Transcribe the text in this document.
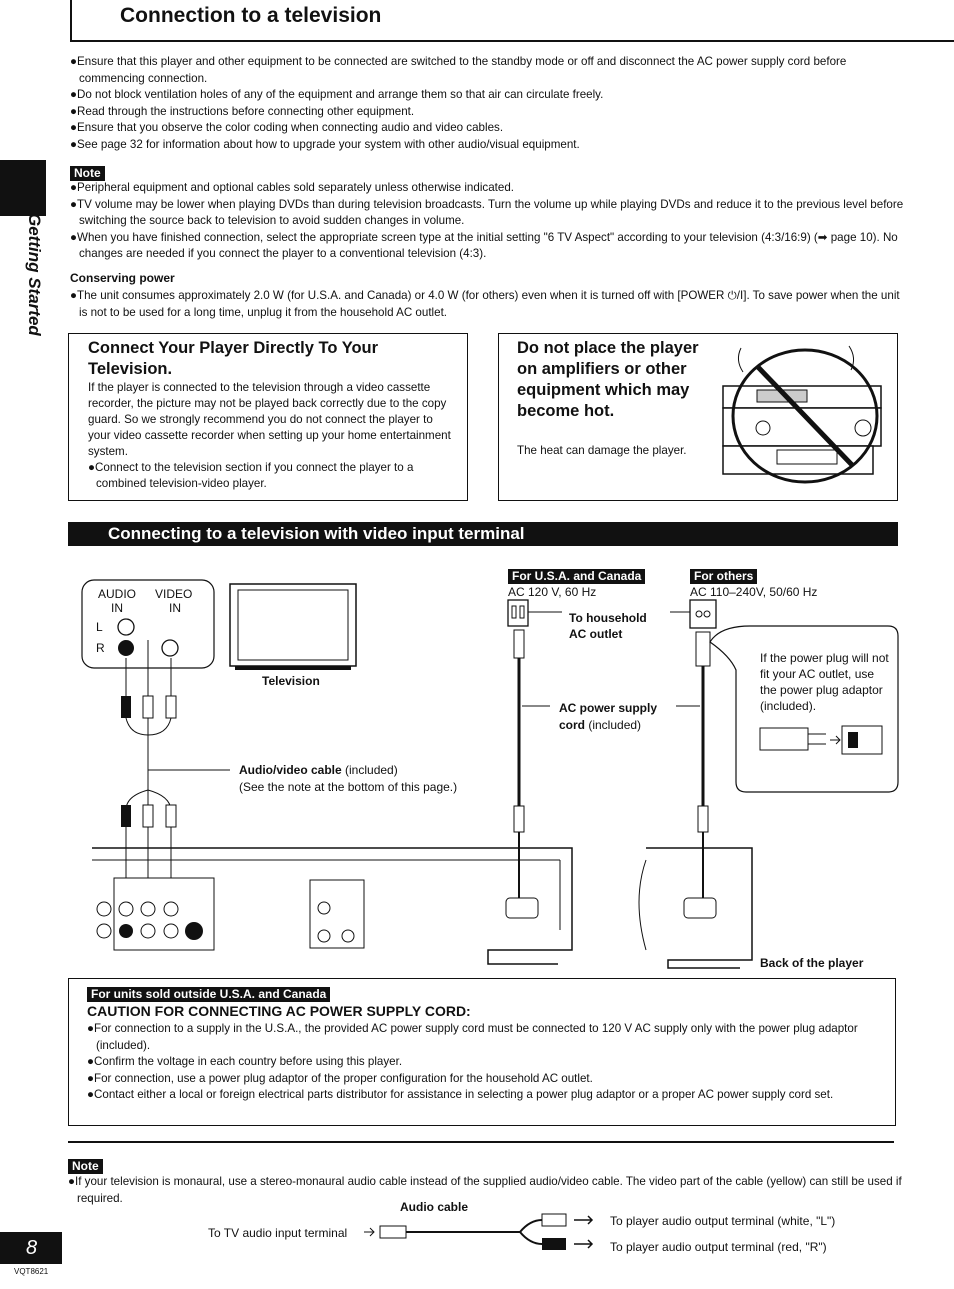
Connection to a television
Getting Started

●Ensure that this player and other equipment to be connected are switched to the standby mode or off and disconnect the AC power supply cord before commencing connection.

●Do not block ventilation holes of any of the equipment and arrange them so that air can circulate freely.

●Read through the instructions before connecting other equipment.

●Ensure that you observe the color coding when connecting audio and video cables.

●See page 32 for information about how to upgrade your system with other audio/visual equipment.

Note

●Peripheral equipment and optional cables sold separately unless otherwise indicated.

●TV volume may be lower when playing DVDs than during television broadcasts. Turn the volume up while playing DVDs and reduce it to the previous level before switching the source back to television to avoid sudden changes in volume.

●When you have finished connection, select the appropriate screen type at the initial setting "6 TV Aspect" according to your television (4:3/16:9) (➡ page 10). No changes are needed if you connect the player to a conventional television (4:3).

Conserving power

●The unit consumes approximately 2.0 W (for U.S.A. and Canada) or 4.0 W (for others) even when it is turned off with [POWER ⏻/I]. To save power when the unit is not to be used for a long time, unplug it from the household AC outlet.

Connect Your Player Directly To Your Television.
If the player is connected to the television through a video cassette recorder, the picture may not be played back correctly due to the copy guard. So we strongly recommend you do not connect the player to your video cassette recorder when setting up your home entertainment system.
●Connect to the television section if you connect the player to a combined television-video player.
Do not place the player on amplifiers or other equipment which may become hot.
The heat can damage the player.
Connecting to a television with video input terminal
AUDIO VIDEO
IN	IN
L
R
Television
Audio/video cable (included)
(See the note at the bottom of this page.)
For U.S.A. and Canada
AC 120 V, 60 Hz
For others
AC 110–240V, 50/60 Hz
To household
AC outlet
AC power supply
cord (included)
If the power plug will not fit your AC outlet, use the power plug adaptor (included).
Back of the player
For units sold outside U.S.A. and Canada
CAUTION FOR CONNECTING AC POWER SUPPLY CORD:

●For connection to a supply in the U.S.A., the provided AC power supply cord must be connected to 120 V AC supply only with the power plug adaptor (included).

●Confirm the voltage in each country before using this player.

●For connection, use a power plug adaptor of the proper configuration for the household AC outlet.

●Contact either a local or foreign electrical parts distributor for assistance in selecting a power plug adaptor or a proper AC power supply cord set.

Note

●If your television is monaural, use a stereo-monaural audio cable instead of the supplied audio/video cable. The video part of the cable (yellow) can still be used if required.

Audio cable
To TV audio input terminal
To player audio output terminal (white, "L")
To player audio output terminal (red, "R")
8
VQT8621
